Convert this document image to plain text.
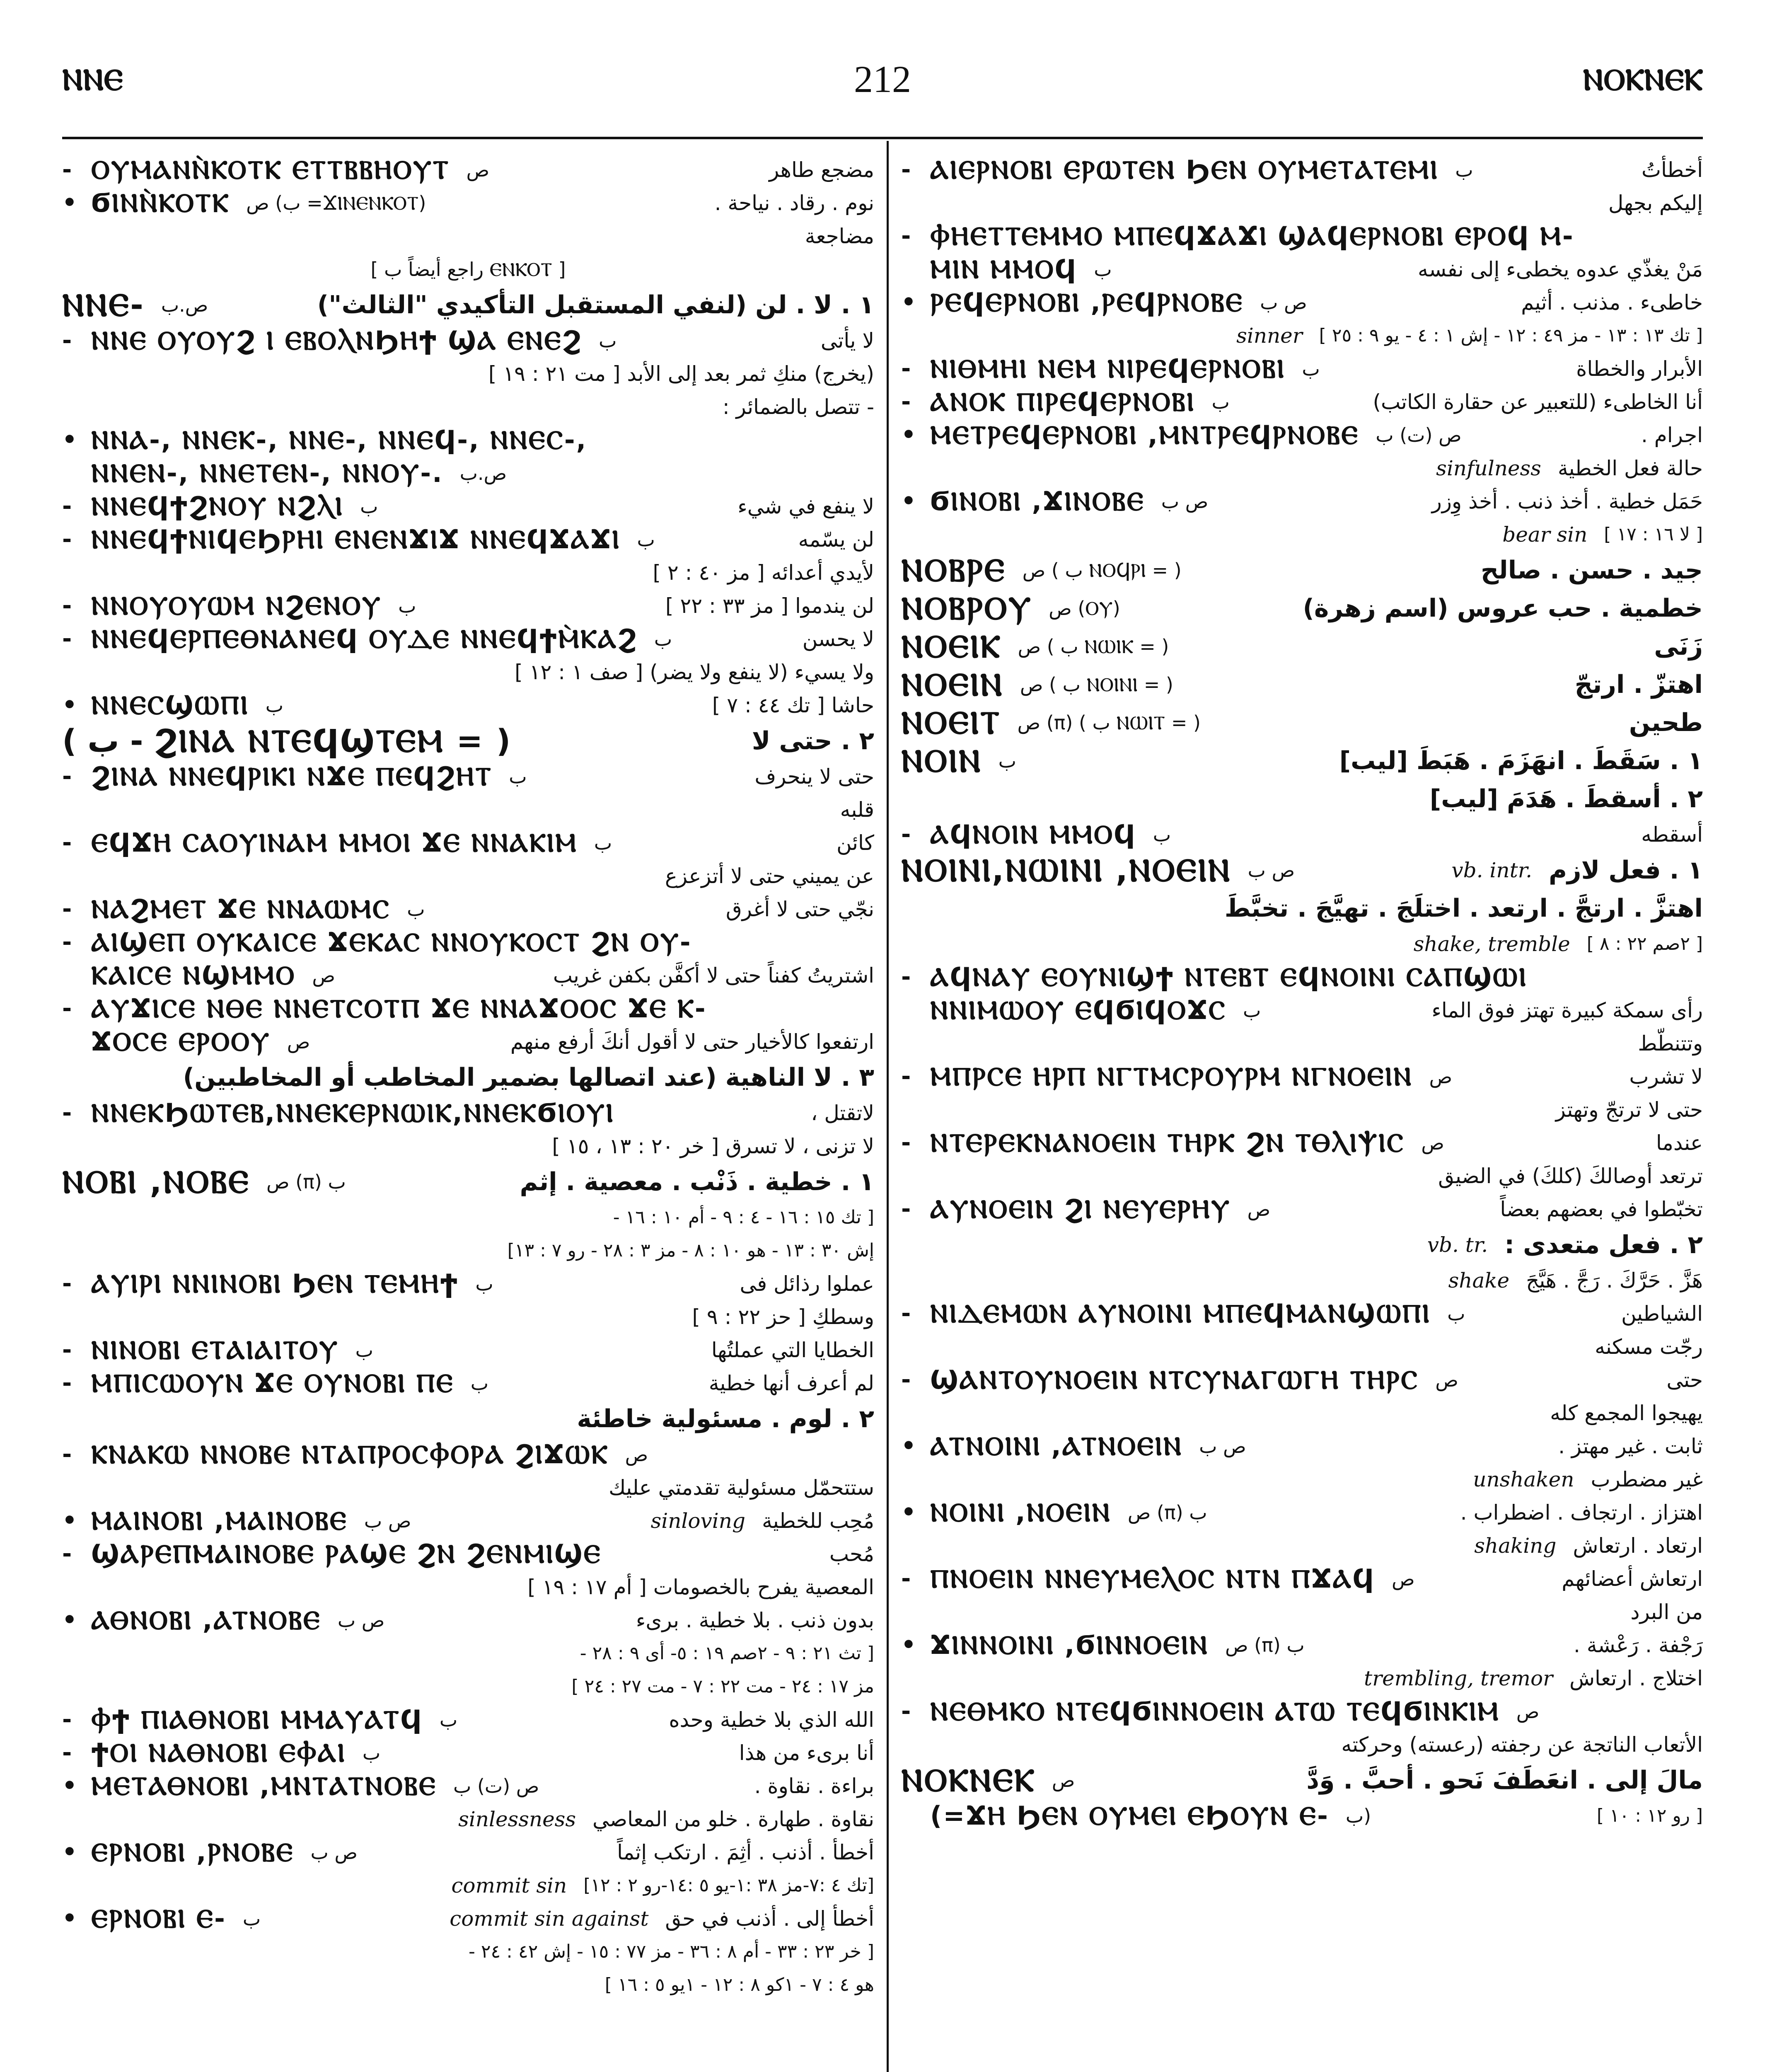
ⲚⲚⲈ	212	ⲚⲞⲔⲚⲈⲔ
- ⲞⲨⲘⲀⲚⲚ̀ⲔⲞⲦⲔ ⲈⲦⲦⲂⲂⲎⲞⲨⲦ	مضجع طاهر
ص
• ϬⲒⲚⲚ̀ⲔⲞⲦⲔ	نوم . رقاد . نياحة .
ص (ب =ϪⲒⲚⲈⲚⲔⲞⲦ)
مضاجعة
[ راجع أيضاً ب ⲈⲚⲔⲞⲦ ]
ⲚⲚⲈ-	١ . لا . لن (لنفي المستقبل التأكيدي "الثالث")
ص.ب
- ⲚⲚⲈ ⲞⲨⲞⲨϨ Ⲓ ⲈⲂⲞⲖⲚϦⲎϮ ϢⲀ ⲈⲚⲈϨ	لا يأتى
ب
(يخرج) منكِ ثمر بعد إلى الأبد [ مت ٢١ : ١٩ ]
- تتصل بالضمائر :
• ⲚⲚⲀ-, ⲚⲚⲈⲔ-, ⲚⲚⲈ-, ⲚⲚⲈϤ-, ⲚⲚⲈⲤ-,
ⲚⲚⲈⲚ-, ⲚⲚⲈⲦⲈⲚ-, ⲚⲚⲞⲨ-. ص.ب
- ⲚⲚⲈϤϮϨⲚⲞⲨ ⲚϨⲖⲒ	لا ينفع في شيء
ب
- ⲚⲚⲈϤϮⲚⲒϤⲈϦⲢⲎⲒ ⲈⲚⲈⲚϪⲒϪ ⲚⲚⲈϤϪⲀϪⲒ	لن يسّمه
ب
لأيدي أعدائه [ مز ٤٠ : ٢ ]
- ⲚⲚⲞⲨⲞⲨⲰⲘ ⲚϨⲈⲚⲞⲨ	لن يندموا [ مز ٣٣ : ٢٢ ]
ب
- ⲚⲚⲈϤⲈⲢⲠⲈⲐⲚⲀⲚⲈϤ ⲞⲨⲆⲈ ⲚⲚⲈϤϮⲘ̀ⲔⲀϨ	لا يحسن
ب
ولا يسيء (لا ينفع ولا يضر) [ صف ١ : ١٢ ]
• ⲚⲚⲈⲤϢⲰⲠⲒ	حاشا [ تك ٤٤ : ٧ ]
ب
( ب - ϨⲒⲚⲀ ⲚⲦⲈϤϢⲦⲈⲘ = )	٢ . حتى لا
- ϨⲒⲚⲀ ⲚⲚⲈϤⲢⲒⲔⲒ ⲚϪⲈ ⲠⲈϤϨⲎⲦ	حتى لا ينحرف
ب
قلبه
- ⲈϤϪⲎ ⲤⲀⲞⲨⲒⲚⲀⲘ ⲘⲘⲞⲒ ϪⲈ ⲚⲚⲀⲔⲒⲘ	كائن
ب
عن يميني حتى لا أتزعزع
- ⲚⲀϨⲘⲈⲦ ϪⲈ ⲚⲚⲀⲰⲘⲤ	نجّي حتى لا أغرق
ب
- ⲀⲒϢⲈⲠ ⲞⲨⲔⲀⲒⲤⲈ ϪⲈⲔⲀⲤ ⲚⲚⲞⲨⲔⲞⲤⲦ ϨⲚ ⲞⲨ-
ⲔⲀⲒⲤⲈ ⲚϢⲘⲘⲞ	اشتريتُ كفناً حتى لا أكفَّن بكفن غريب
ص
- ⲀⲨϪⲒⲤⲈ ⲚⲐⲈ ⲚⲚⲈⲦⲤⲞⲦⲠ ϪⲈ ⲚⲚⲀϪⲞⲞⲤ ϪⲈ Ⲕ-
ϪⲞⲤⲈ ⲈⲢⲞⲞⲨ	ارتفعوا كالأخيار حتى لا أقول أنكَ أرفع منهم
ص
٣ . لا الناهية (عند اتصالها بضمير المخاطب أو المخاطبين)
- ⲚⲚⲈⲔϦⲰⲦⲈⲂ,ⲚⲚⲈⲔⲈⲢⲚⲰⲒⲔ,ⲚⲚⲈⲔϬⲒⲞⲨⲒ	لاتقتل ،
لا تزنى ، لا تسرق [ خر ٢٠ : ١٣ ، ١٥ ]
ⲚⲞⲂⲒ ,ⲚⲞⲂⲈ	١ . خطية . ذَنْب . معصية . إثم
ص (π) ب
[ تك ١٥ : ١٦ - ٤ : ٩ - أم ١٠ : ١٦ -
إش ٣٠ : ١٣ - هو ١٠ : ٨ - مز ٣ : ٢٨ - رو ٧ : ١٣]
- ⲀⲨⲒⲢⲒ ⲚⲚⲒⲚⲞⲂⲒ ϦⲈⲚ ⲦⲈⲘⲎϮ	عملوا رذائل فى
ب
وسطكِ [ حز ٢٢ : ٩ ]
- ⲚⲒⲚⲞⲂⲒ ⲈⲦⲀⲒⲀⲒⲦⲞⲨ	الخطايا التي عملتُها
ب
- ⲘⲠⲒⲤⲰⲞⲨⲚ ϪⲈ ⲞⲨⲚⲞⲂⲒ ⲠⲈ	لم أعرف أنها خطية
ب
٢ . لوم . مسئولية خاطئة
- ⲔⲚⲀⲔⲰ ⲚⲚⲞⲂⲈ ⲚⲦⲀⲠⲢⲞⲤⲪⲞⲢⲀ ϨⲒϪⲰⲔ ص
ستتحمّل مسئولية تقدمتي عليك
• ⲘⲀⲒⲚⲞⲂⲒ ,ⲘⲀⲒⲚⲞⲂⲈ	مُحِب للخطية
ص ب	sinloving
- ϢⲀⲢⲈⲠⲘⲀⲒⲚⲞⲂⲈ ⲢⲀϢⲈ ϨⲚ ϨⲈⲚⲘⲒϢⲈ	مُحب
المعصية يفرح بالخصومات [ أم ١٧ : ١٩ ]
• ⲀⲐⲚⲞⲂⲒ ,ⲀⲦⲚⲞⲂⲈ	بدون ذنب . بلا خطية . برىء
ص ب
[ تث ٢١ : ٩ - ٢صم ١٩ : ٥- أى ٩ : ٢٨ -
مز ١٧ : ٢٤ - مت ٢٢ : ٧ - مت ٢٧ : ٢٤ ]
- ⲪϮ ⲠⲒⲀⲐⲚⲞⲂⲒ ⲘⲘⲀⲨⲀⲦϤ	الله الذي بلا خطية وحده
ب
- ϮⲞⲒ ⲚⲀⲐⲚⲞⲂⲒ ⲈⲪⲀⲒ	أنا برىء من هذا
ب
• ⲘⲈⲦⲀⲐⲚⲞⲂⲒ ,ⲘⲚⲦⲀⲦⲚⲞⲂⲈ	براءة . نقاوة .
ص (ت) ب
نقاوة . طهارة . خلو من المعاصي
sinlessness
• ⲈⲢⲚⲞⲂⲒ ,ⲢⲚⲞⲂⲈ	أخطأ . أذنب . أثِمَ . ارتكب إثماً
ص ب
[تك ٤ :٧-مز ٣٨ :١-يو ٥ :١٤-رو ٢ : ١٢]
commit sin
• ⲈⲢⲚⲞⲂⲒ Ⲉ-	أخطأ إلى . أذنب في حق
ب	commit sin against
[ خر ٢٣ : ٣٣ - أم ٨ : ٣٦ - مز ٧٧ : ١٥ - إش ٤٢ : ٢٤ -
هو ٤ : ٧ - ١كو ٨ : ١٢ - ١يو ٥ : ١٦ ]
- ⲀⲒⲈⲢⲚⲞⲂⲒ ⲈⲢⲰⲦⲈⲚ ϦⲈⲚ ⲞⲨⲘⲈⲦⲀⲦⲈⲘⲒ	أخطأتُ
ب
إليكم بجهل
- ⲪⲎⲈⲦⲦⲈⲘⲘⲞ ⲘⲠⲈϤϪⲀϪⲒ ϢⲀϤⲈⲢⲚⲞⲂⲒ ⲈⲢⲞϤ Ⲙ-
ⲘⲒⲚ ⲘⲘⲞϤ	مَنْ يغذّي عدوه يخطىء إلى نفسه
ب
• ⲢⲈϤⲈⲢⲚⲞⲂⲒ ,ⲢⲈϤⲢⲚⲞⲂⲈ	خاطىء . مذنب . أثيم
ص ب
[ تك ١٣ : ١٣ - مز ٤٩ : ١٢ - إش ١ : ٤ - يو ٩ : ٢٥ ]
sinner
- ⲚⲒⲐⲘⲎⲒ ⲚⲈⲘ ⲚⲒⲢⲈϤⲈⲢⲚⲞⲂⲒ	الأبرار والخطاة
ب
- ⲀⲚⲞⲔ ⲠⲒⲢⲈϤⲈⲢⲚⲞⲂⲒ	أنا الخاطىء (للتعبير عن حقارة الكاتب)
ب
• ⲘⲈⲦⲢⲈϤⲈⲢⲚⲞⲂⲒ ,ⲘⲚⲦⲢⲈϤⲢⲚⲞⲂⲈ	اجرام .
ص (ت) ب
حالة فعل الخطية
sinfulness
• ϬⲒⲚⲞⲂⲒ ,ϪⲒⲚⲞⲂⲈ	حَمَل خطية . أخذ ذنب . أخذ وِزر
ص ب
[ لا ١٦ : ١٧ ]
bear sin
ⲚⲞⲂⲢⲈ	جيد . حسن . صالح
ص ( ب ⲚⲞϤⲢⲒ = )
ⲚⲞⲂⲢⲞⲨ	خطمية . حب عروس (اسم زهرة)
ص (ⲞⲨ)
ⲚⲞⲈⲒⲔ	زَنَى
ص ( ب ⲚⲰⲒⲔ = )
ⲚⲞⲈⲒⲚ	اهتزّ . ارتجّ
ص ( ب ⲚⲞⲒⲚⲒ = )
ⲚⲞⲈⲒⲦ	طحين
ص (π) ( ب ⲚⲰⲒⲦ = )
ⲚⲞⲒⲚ	١ . سَقَطَ . انهَزَمَ . هَبَطَ [ليب]
ب
٢ . أسقطَ . هَدَمَ [ليب]
- ⲀϤⲚⲞⲒⲚ ⲘⲘⲞϤ	أسقطه
ب
ⲚⲞⲒⲚⲒ,ⲚⲰⲒⲚⲒ ,ⲚⲞⲈⲒⲚ	١ . فعل لازم
ص ب	vb. intr.
اهتزَّ . ارتجَّ . ارتعد . اختلَجَ . تهيَّجَ . تخبَّطَ
[ ٢صم ٢٢ : ٨ ]
shake, tremble
- ⲀϤⲚⲀⲨ ⲈⲞⲨⲚⲒϢϮ ⲚⲦⲈⲂⲦ ⲈϤⲚⲞⲒⲚⲒ ⲤⲀⲠϢⲰⲒ
ⲚⲚⲒⲘⲰⲞⲨ ⲈϤϬⲒϤⲞϪⲤ	رأى سمكة كبيرة تهتز فوق الماء
ب
وتتنطّط
- ⲘⲠⲢⲤⲈ ⲎⲢⲠ ⲚⲄⲦⲘⲤⲢⲞⲨⲢⲘ ⲚⲄⲚⲞⲈⲒⲚ	لا تشرب
ص
حتى لا ترتجّ وتهتز
- ⲚⲦⲈⲢⲈⲔⲚⲀⲚⲞⲈⲒⲚ ⲦⲎⲢⲔ ϨⲚ ⲦⲐⲖⲒⲮⲒⲤ	عندما
ص
ترتعد أوصالكَ (كلكَ) في الضيق
- ⲀⲨⲚⲞⲈⲒⲚ ϨⲒ ⲚⲈⲨⲈⲢⲎⲨ	تخبّطوا في بعضهم بعضاً
ص
٢ . فعل متعدى :
vb. tr.
هَزَّ . حَرَّكَ . رَجَّ . هَيَّجَ
shake
- ⲚⲒⲆⲈⲘⲰⲚ ⲀⲨⲚⲞⲒⲚⲒ ⲘⲠⲈϤⲘⲀⲚϢⲰⲠⲒ	الشياطين
ب
رجّت مسكنه
- ϢⲀⲚⲦⲞⲨⲚⲞⲈⲒⲚ ⲚⲦⲤⲨⲚⲀⲄⲰⲄⲎ ⲦⲎⲢⲤ	حتى
ص
يهيجوا المجمع كله
• ⲀⲦⲚⲞⲒⲚⲒ ,ⲀⲦⲚⲞⲈⲒⲚ	ثابت . غير مهتز .
ص ب
غير مضطرب
unshaken
• ⲚⲞⲒⲚⲒ ,ⲚⲞⲈⲒⲚ	اهتزاز . ارتجاف . اضطراب .
ص (π) ب
ارتعاد . ارتعاش
shaking
- ⲠⲚⲞⲈⲒⲚ ⲚⲚⲈⲨⲘⲈⲖⲞⲤ ⲚⲦⲚ ⲠϪⲀϤ	ارتعاش أعضائهم
ص
من البرد
• ϪⲒⲚⲚⲞⲒⲚⲒ ,ϬⲒⲚⲚⲞⲈⲒⲚ	رَجْفة . رَعْشة .
ص (π) ب
اختلاج . ارتعاش
trembling, tremor
- ⲚⲈⲐⲘⲔⲞ ⲚⲦⲈϤϬⲒⲚⲚⲞⲈⲒⲚ ⲀⲦⲰ ⲦⲈϤϬⲒⲚⲔⲒⲘ ص
الأتعاب الناتجة عن رجفته (رعسته) وحركته
ⲚⲞⲔⲚⲈⲔ	مالَ إلى . انعَطَفَ نَحو . أحبَّ . وَدَّ
ص
(=ϪⲎ ϦⲈⲚ ⲞⲨⲘⲈⲒ ⲈϦⲞⲨⲚ Ⲉ-	[ رو ١٢ : ١٠ ]
ب)
